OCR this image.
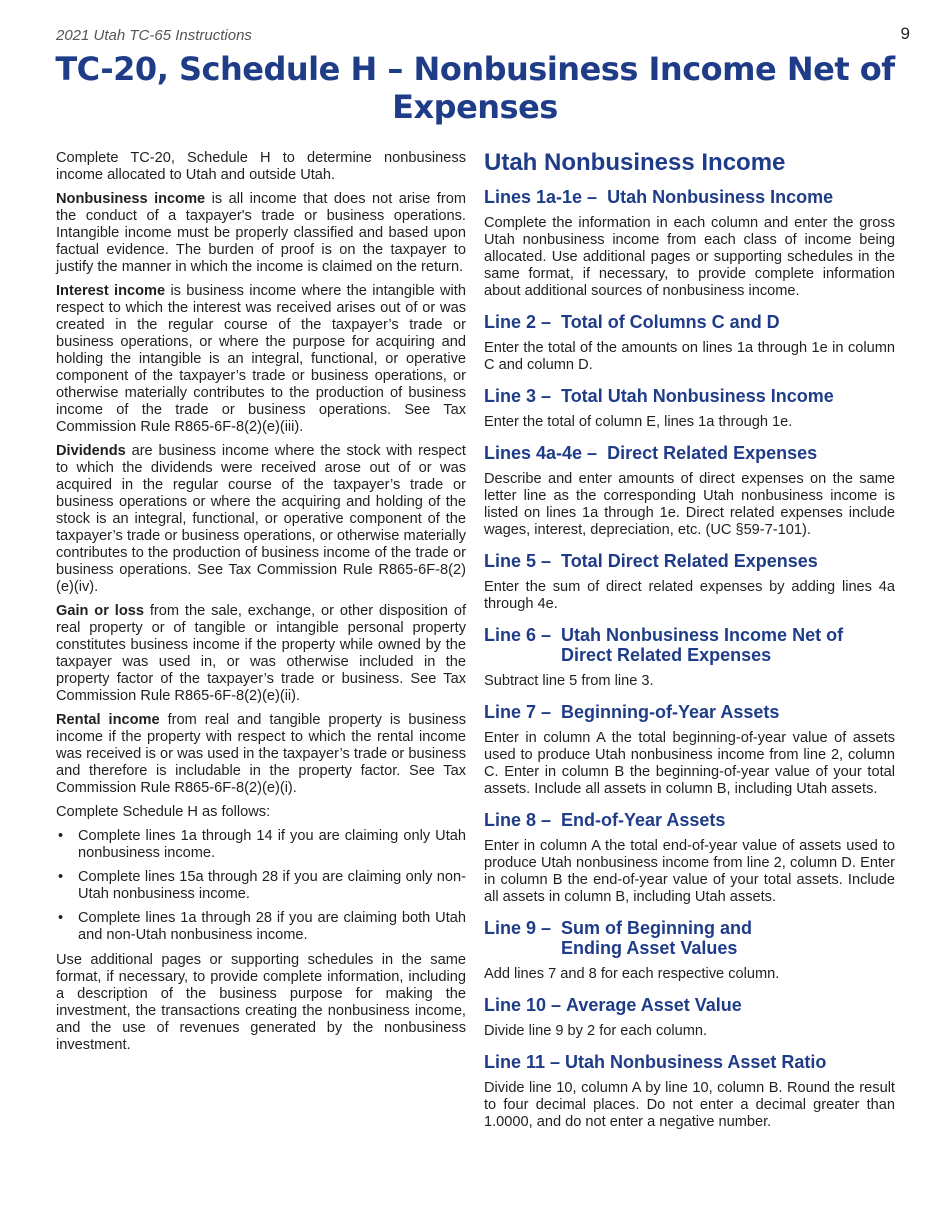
2021 Utah TC-65 Instructions	9
TC-20, Schedule H – Nonbusiness Income Net of Expenses

Complete TC-20, Schedule H to determine nonbusiness income allocated to Utah and outside Utah.

Nonbusiness income is all income that does not arise from the conduct of a taxpayer's trade or business operations. Intangible income must be properly classified and based upon factual evidence. The burden of proof is on the taxpayer to justify the manner in which the income is claimed on the return.

Interest income is business income where the intangible with respect to which the interest was received arises out of or was created in the regular course of the taxpayer’s trade or business operations, or where the purpose for acquiring and holding the intangible is an integral, functional, or operative component of the taxpayer’s trade or business operations, or otherwise materially contributes to the production of business income of the trade or business operations. See Tax Commission Rule R865-6F-8(2)(e)(iii).

Dividends are business income where the stock with respect to which the dividends were received arose out of or was acquired in the regular course of the taxpayer’s trade or business operations or where the acquiring and holding of the stock is an integral, functional, or operative component of the taxpayer’s trade or business operations, or otherwise materially contributes to the production of business income of the trade or business operations. See Tax Commission Rule R865-6F-8(2)(e)(iv).

Gain or loss from the sale, exchange, or other disposition of real property or of tangible or intangible personal property constitutes business income if the property while owned by the taxpayer was used in, or was otherwise included in the property factor of the taxpayer’s trade or business. See Tax Commission Rule R865-6F-8(2)(e)(ii).

Rental income from real and tangible property is business income if the property with respect to which the rental income was received is or was used in the taxpayer’s trade or business and therefore is includable in the property factor. See Tax Commission Rule R865-6F-8(2)(e)(i).

Complete Schedule H as follows:

• Complete lines 1a through 14 if you are claiming only Utah nonbusiness income.
• Complete lines 15a through 28 if you are claiming only non-Utah nonbusiness income.
• Complete lines 1a through 28 if you are claiming both Utah and non-Utah nonbusiness income.

Use additional pages or supporting schedules in the same format, if necessary, to provide complete information, including a description of the business purpose for making the investment, the transactions creating the nonbusiness income, and the use of revenues generated by the nonbusiness investment.

Utah Nonbusiness Income
Lines 1a-1e – Utah Nonbusiness Income

Complete the information in each column and enter the gross Utah nonbusiness income from each class of income being allocated. Use additional pages or supporting schedules in the same format, if necessary, to provide complete information about additional sources of nonbusiness income.

Line 2 – Total of Columns C and D

Enter the total of the amounts on lines 1a through 1e in column C and column D.

Line 3 – Total Utah Nonbusiness Income

Enter the total of column E, lines 1a through 1e.

Lines 4a-4e – Direct Related Expenses

Describe and enter amounts of direct expenses on the same letter line as the corresponding Utah nonbusiness income is listed on lines 1a through 1e. Direct related expenses include wages, interest, depreciation, etc. (UC §59-7-101).

Line 5 – Total Direct Related Expenses

Enter the sum of direct related expenses by adding lines 4a through 4e.

Line 6 – Utah Nonbusiness Income Net of
Direct Related Expenses

Subtract line 5 from line 3.

Line 7 – Beginning-of-Year Assets

Enter in column A the total beginning-of-year value of assets used to produce Utah nonbusiness income from line 2, column C. Enter in column B the beginning-of-year value of your total assets. Include all assets in column B, including Utah assets.

Line 8 – End-of-Year Assets

Enter in column A the total end-of-year value of assets used to produce Utah nonbusiness income from line 2, column D. Enter in column B the end-of-year value of your total assets. Include all assets in column B, including Utah assets.

Line 9 – Sum of Beginning and
Ending Asset Values

Add lines 7 and 8 for each respective column.

Line 10 – Average Asset Value

Divide line 9 by 2 for each column.

Line 11 – Utah Nonbusiness Asset Ratio

Divide line 10, column A by line 10, column B. Round the result to four decimal places. Do not enter a decimal greater than 1.0000, and do not enter a negative number.
